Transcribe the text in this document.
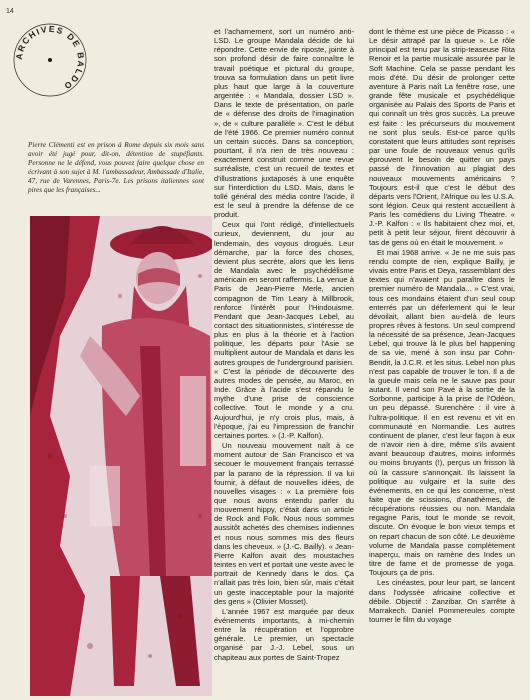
14
ARCHIVES DE BALDO

Pierre Clémenti est en prison à Rome depuis six mois sans avoir été jugé pour, dit-on, détention de stupéfiants. Personne ne le défend, vous pouvez faire quelque chose en écrivant à son sujet à M. l'ambassadeur, Ambassade d'Italie, 47, rue de Varennes, Paris-7e. Les prisons italiennes sont pires que les françaises...

et l'acharnement, sort un numéro anti-LSD. Le groupe Mandala décide de lui répondre. Cette envie de riposte, jointe à son profond désir de faire connaître le travail poétique et pictural du groupe, trouva sa formulation dans un petit livre plus haut que large à la couverture argentée : « Mandala, dossier LSD ». Dans le texte de présentation, on parle de « défense des droits de l'imagination », de « culture parallèle ». C'est le début de l'été 1966. Ce premier numéro connut un certain succès. Dans sa conception, pourtant, il n'a rien de très nouveau : exactement construit comme une revue surréaliste, c'est un recueil de textes et d'illustrations juxtaposés à une enquête sur l'interdiction du LSD. Mais, dans le tollé général des média contre l'acide, il est le seul à prendre la défense de ce produit.

Ceux qui l'ont rédigé, d'intellectuels curieux, deviennent, du jour au lendemain, des voyous drogués. Leur démarche, par la force des choses, devient plus secrète, alors que les liens de Mandala avec le psychédélisme américain en seront raffermis. La venue à Paris de Jean-Pierre Merle, ancien compagnon de Tim Leary à Millbrook, renforce l'intérêt pour l'Hindouisme. Pendant que Jean-Jacques Lebel, au contact des situationnistes, s'intéresse de plus en plus à la théorie et à l'action politique, les départs pour l'Asie se multiplient autour de Mandala et dans les autres groupes de l'underground parisien. « C'est la période de découverte des autres modes de pensée, au Maroc, en Inde. Grâce à l'acide s'est répandu le mythe d'une prise de conscience collective. Tout le monde y a cru. Aujourd'hui, je n'y crois plus, mais, à l'époque, j'ai eu l'impression de franchir certaines portes. » (J.-P. Kalfon).

Un nouveau mouvement naît à ce moment autour de San Francisco et va secouer le mouvement français terrassé par la parano de la répression. Il va lui fournir, à défaut de nouvelles idées, de nouvelles visages : « La première fois que nous avons entendu parler du mouvement hippy, c'était dans un article de Rock and Folk. Nous nous sommes aussitôt achetés des chemises indiennes et nous nous sommes mis des fleurs dans les cheveux. » (J.-C. Bailly). « Jean-Pierre Kalfon avait des moustaches teintes en vert et portait une veste avec le portrait de Kennedy dans le dos. Ça n'allait pas très loin, bien sûr, mais c'était un geste inacceptable pour la majorité des gens » (Olivier Mosset).

L'année 1967 est marquée par deux événements importants, à mi-chemin entre la récupération et l'opprobre générale. Le premier, un spectacle organisé par J.-J. Lebel, sous un chapiteau aux portes de Saint-Tropez

dont le thème est une pièce de Picasso : « Le désir attrapé par la queue ». Le rôle principal est tenu par la strip-teaseuse Rita Renoir et la partie musicale assurée par le Soft Machine. Cela se passe pendant les mois d'été. Du désir de prolonger cette aventure à Paris naît La fenêtre rose, une grande fête musicale et psychédélique organisée au Palais des Sports de Paris et qui connaît un très gros succès. La preuve est faite : les précurseurs du mouvement ne sont plus seuls. Est-ce parce qu'ils constatent que leurs attitudes sont reprises par une foule de nouveaux venus qu'ils éprouvent le besoin de quitter un pays passé de l'innovation au plagiat des nouveaux mouvements américains ? Toujours est-il que c'est le début des départs vers l'Orient, l'Afrique ou les U.S.A. sont légion. Ceux qui restent accueillent à Paris les comédiens du Living Theatre. « J.-P. Kalfon : « Ils habitaient chez moi, et, petit à petit leur séjour, firent découvrir à tas de gens où en était le mouvement. »

Et mai 1968 arrive. « Je ne me suis pas rendu compte de rien, explique Bailly, je vivais entre Paris et Deya, rassemblant des textes qui n'avaient pu paraître dans le premier numéro de Mandala... » C'est vrai, tous ces mondains étaient d'un seul coup enterrés par un déferlement qui le leur dévoilait, allant bien au-delà de leurs propres rêves à festons. Un seul comprend la nécessité de sa présence, Jean-Jacques Lebel, qui trouve là le plus bel happening de sa vie, mené à son insu par Cohn-Bendit, la J.C.R. et les situs. Lebel non plus n'est pas capable de trouver le ton. Il a de la gueule mais cela ne le sauve pas pour autant. Il vend son Pavé à la sortie de la Sorbonne, participe à la prise de l'Odéon, un peu dépassé. Surenchère : il vire à l'ultra-politique. Il en est revenu et vit en communauté en Normandie. Les autres continuent de planer, c'est leur façon à eux de n'avoir rien à dire, même s'ils avaient avant beaucoup d'autres, moins informés ou moins bruyants (!), perçus un frisson là où la cassure s'annonçait. Ils laissent la politique au vulgaire et la suite des événements, en ce qui les concerne, n'est faite que de scissions, d'anathèmes, de récupérations réussies ou non. Mandala regagne Paris, tout le monde se revoit, discute. On évoque le bon vieux temps et on repart chacun de son côté. Le deuxième volume de Mandala passe complètement inaperçu, mais on ramène des Indes un titre de fame et de promesse de yoga. Toujours ça de pris.

Les cinéastes, pour leur part, se lancent dans l'odyssée africaine collective et débile. Objectif : Zanzibar. On s'arrête à Marrakech. Daniel Pommereules compte tourner le film du voyage
